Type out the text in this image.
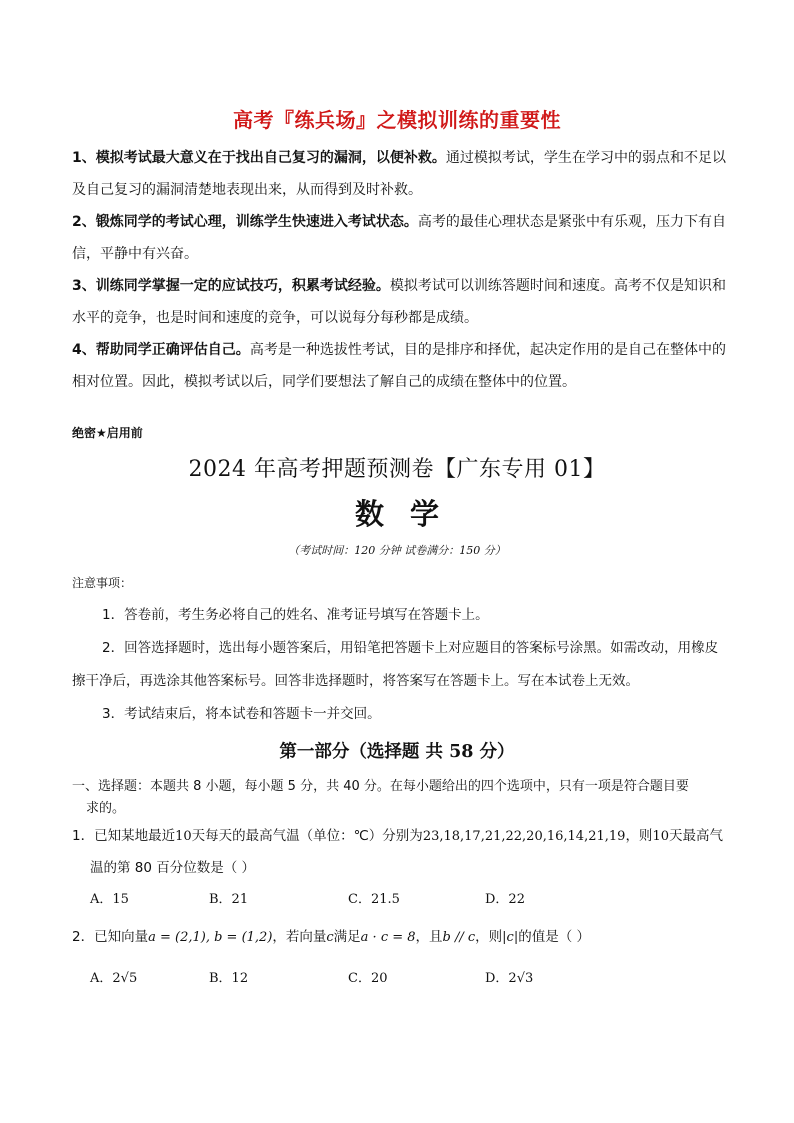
高考『练兵场』之模拟训练的重要性
1、模拟考试最大意义在于找出自己复习的漏洞，以便补救。通过模拟考试，学生在学习中的弱点和不足以及自己复习的漏洞清楚地表现出来，从而得到及时补救。
2、锻炼同学的考试心理，训练学生快速进入考试状态。高考的最佳心理状态是紧张中有乐观，压力下有自信，平静中有兴奋。
3、训练同学掌握一定的应试技巧，积累考试经验。模拟考试可以训练答题时间和速度。高考不仅是知识和水平的竞争，也是时间和速度的竞争，可以说每分每秒都是成绩。
4、帮助同学正确评估自己。高考是一种选拔性考试，目的是排序和择优，起决定作用的是自己在整体中的相对位置。因此，模拟考试以后，同学们要想法了解自己的成绩在整体中的位置。
绝密★启用前
2024 年高考押题预测卷【广东专用 01】
数学
（考试时间：120 分钟 试卷满分：150 分）
注意事项：
1．答卷前，考生务必将自己的姓名、准考证号填写在答题卡上。
2．回答选择题时，选出每小题答案后，用铅笔把答题卡上对应题目的答案标号涂黑。如需改动，用橡皮擦干净后，再选涂其他答案标号。回答非选择题时，将答案写在答题卡上。写在本试卷上无效。
3．考试结束后，将本试卷和答题卡一并交回。
第一部分（选择题 共 58 分）
一、选择题：本题共 8 小题，每小题 5 分，共 40 分。在每小题给出的四个选项中，只有一项是符合题目要
求的。
1．已知某地最近10天每天的最高气温（单位：℃）分别为23,18,17,21,22,20,16,14,21,19，则10天最高气
温的第 80 百分位数是（ ）
A．15	B．21	C．21.5	D．22
2．已知向量a = (2,1), b = (1,2)，若向量c满足a · c = 8，且b // c，则|c|的值是（ ）
A．2√5	B．12	C．20	D．2√3
